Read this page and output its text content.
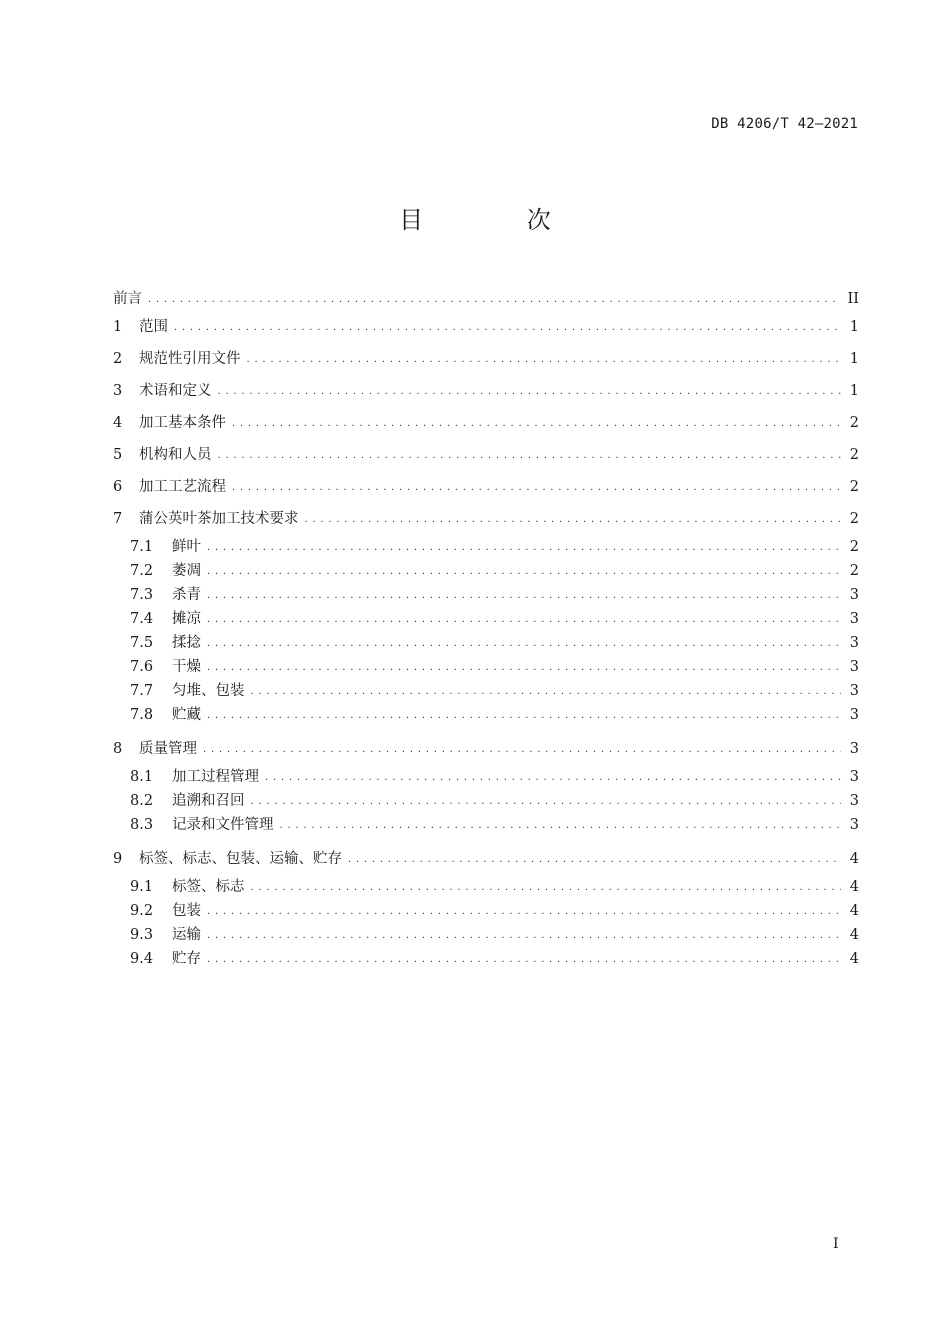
DB 4206/T 42—2021
目 次
前言 . . .	II
1	范围 . . .	1
2	规范性引用文件 . . .	1
3	术语和定义 . . .	1
4	加工基本条件 . . .	2
5	机构和人员 . . .	2
6	加工工艺流程 . . .	2
7	蒲公英叶茶加工技术要求 . . .	2
7.1	鲜叶 . . .	2
7.2	萎凋 . . .	2
7.3	杀青 . . .	3
7.4	摊凉 . . .	3
7.5	揉捻 . . .	3
7.6	干燥 . . .	3
7.7	匀堆、包装 . . .	3
7.8	贮藏 . . .	3
8	质量管理 . . .	3
8.1	加工过程管理 . . .	3
8.2	追溯和召回 . . .	3
8.3	记录和文件管理 . . .	3
9	标签、标志、包装、运输、贮存 . . .	4
9.1	标签、标志 . . .	4
9.2	包装 . . .	4
9.3	运输 . . .	4
9.4	贮存 . . .	4
I
